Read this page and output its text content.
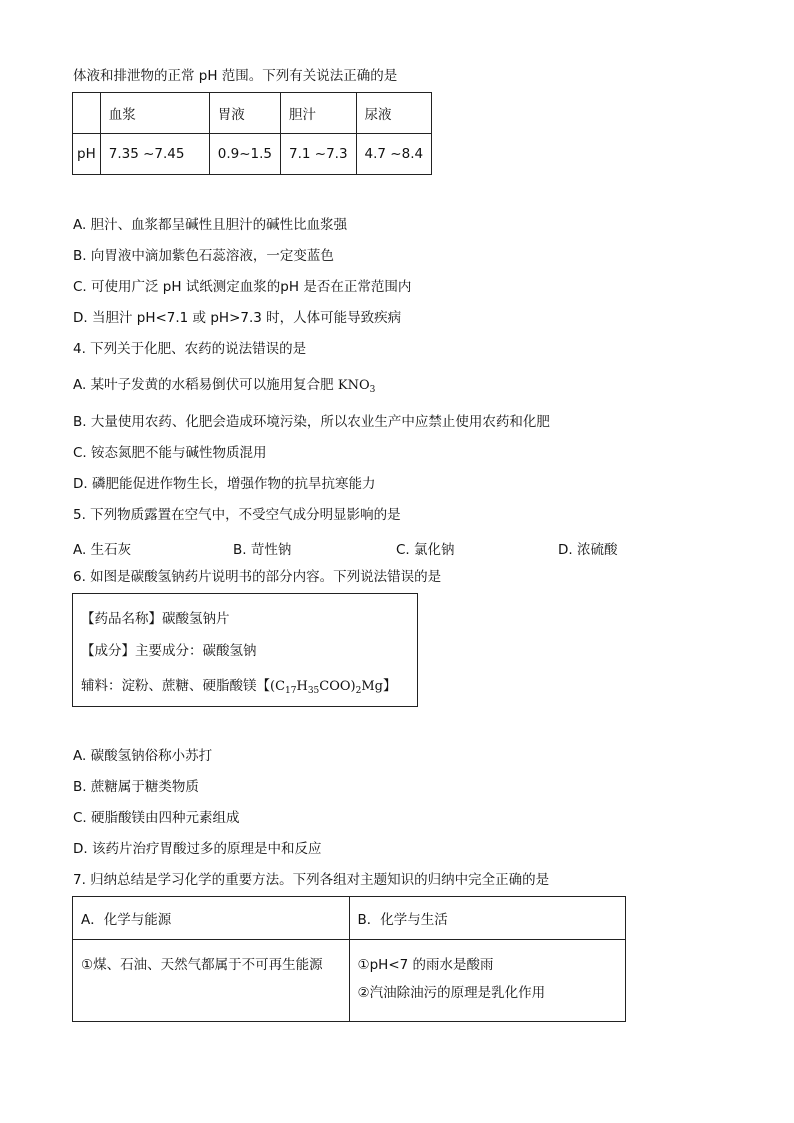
体液和排泄物的正常 pH 范围。下列有关说法正确的是
	血浆	胃液	胆汁	尿液
pH	7.35 ~7.45	0.9~1.5	7.1 ~7.3	4.7 ~8.4
A. 胆汁、血浆都呈碱性且胆汁的碱性比血浆强
B. 向胃液中滴加紫色石蕊溶液，一定变蓝色
C. 可使用广泛 pH 试纸测定血浆的pH 是否在正常范围内
D. 当胆汁 pH<7.1 或 pH>7.3 时，人体可能导致疾病
4. 下列关于化肥、农药的说法错误的是
A. 某叶子发黄的水稻易倒伏可以施用复合肥 $KNO_3$
B. 大量使用农药、化肥会造成环境污染，所以农业生产中应禁止使用农药和化肥
C. 铵态氮肥不能与碱性物质混用
D. 磷肥能促进作物生长，增强作物的抗旱抗寒能力
5. 下列物质露置在空气中，不受空气成分明显影响的是
A. 生石灰	B. 苛性钠	C. 氯化钠	D. 浓硫酸
6. 如图是碳酸氢钠药片说明书的部分内容。下列说法错误的是
【药品名称】碳酸氢钠片
【成分】主要成分：碳酸氢钠
辅料：淀粉、蔗糖、硬脂酸镁【$(C_{17}H_{35}COO)_2Mg$】
A. 碳酸氢钠俗称小苏打
B. 蔗糖属于糖类物质
C. 硬脂酸镁由四种元素组成
D. 该药片治疗胃酸过多的原理是中和反应
7. 归纳总结是学习化学的重要方法。下列各组对主题知识的归纳中完全正确的是
A．化学与能源	B．化学与生活

①煤、石油、天然气都属于不可再生能源	①pH<7 的雨水是酸雨
②汽油除油污的原理是乳化作用
